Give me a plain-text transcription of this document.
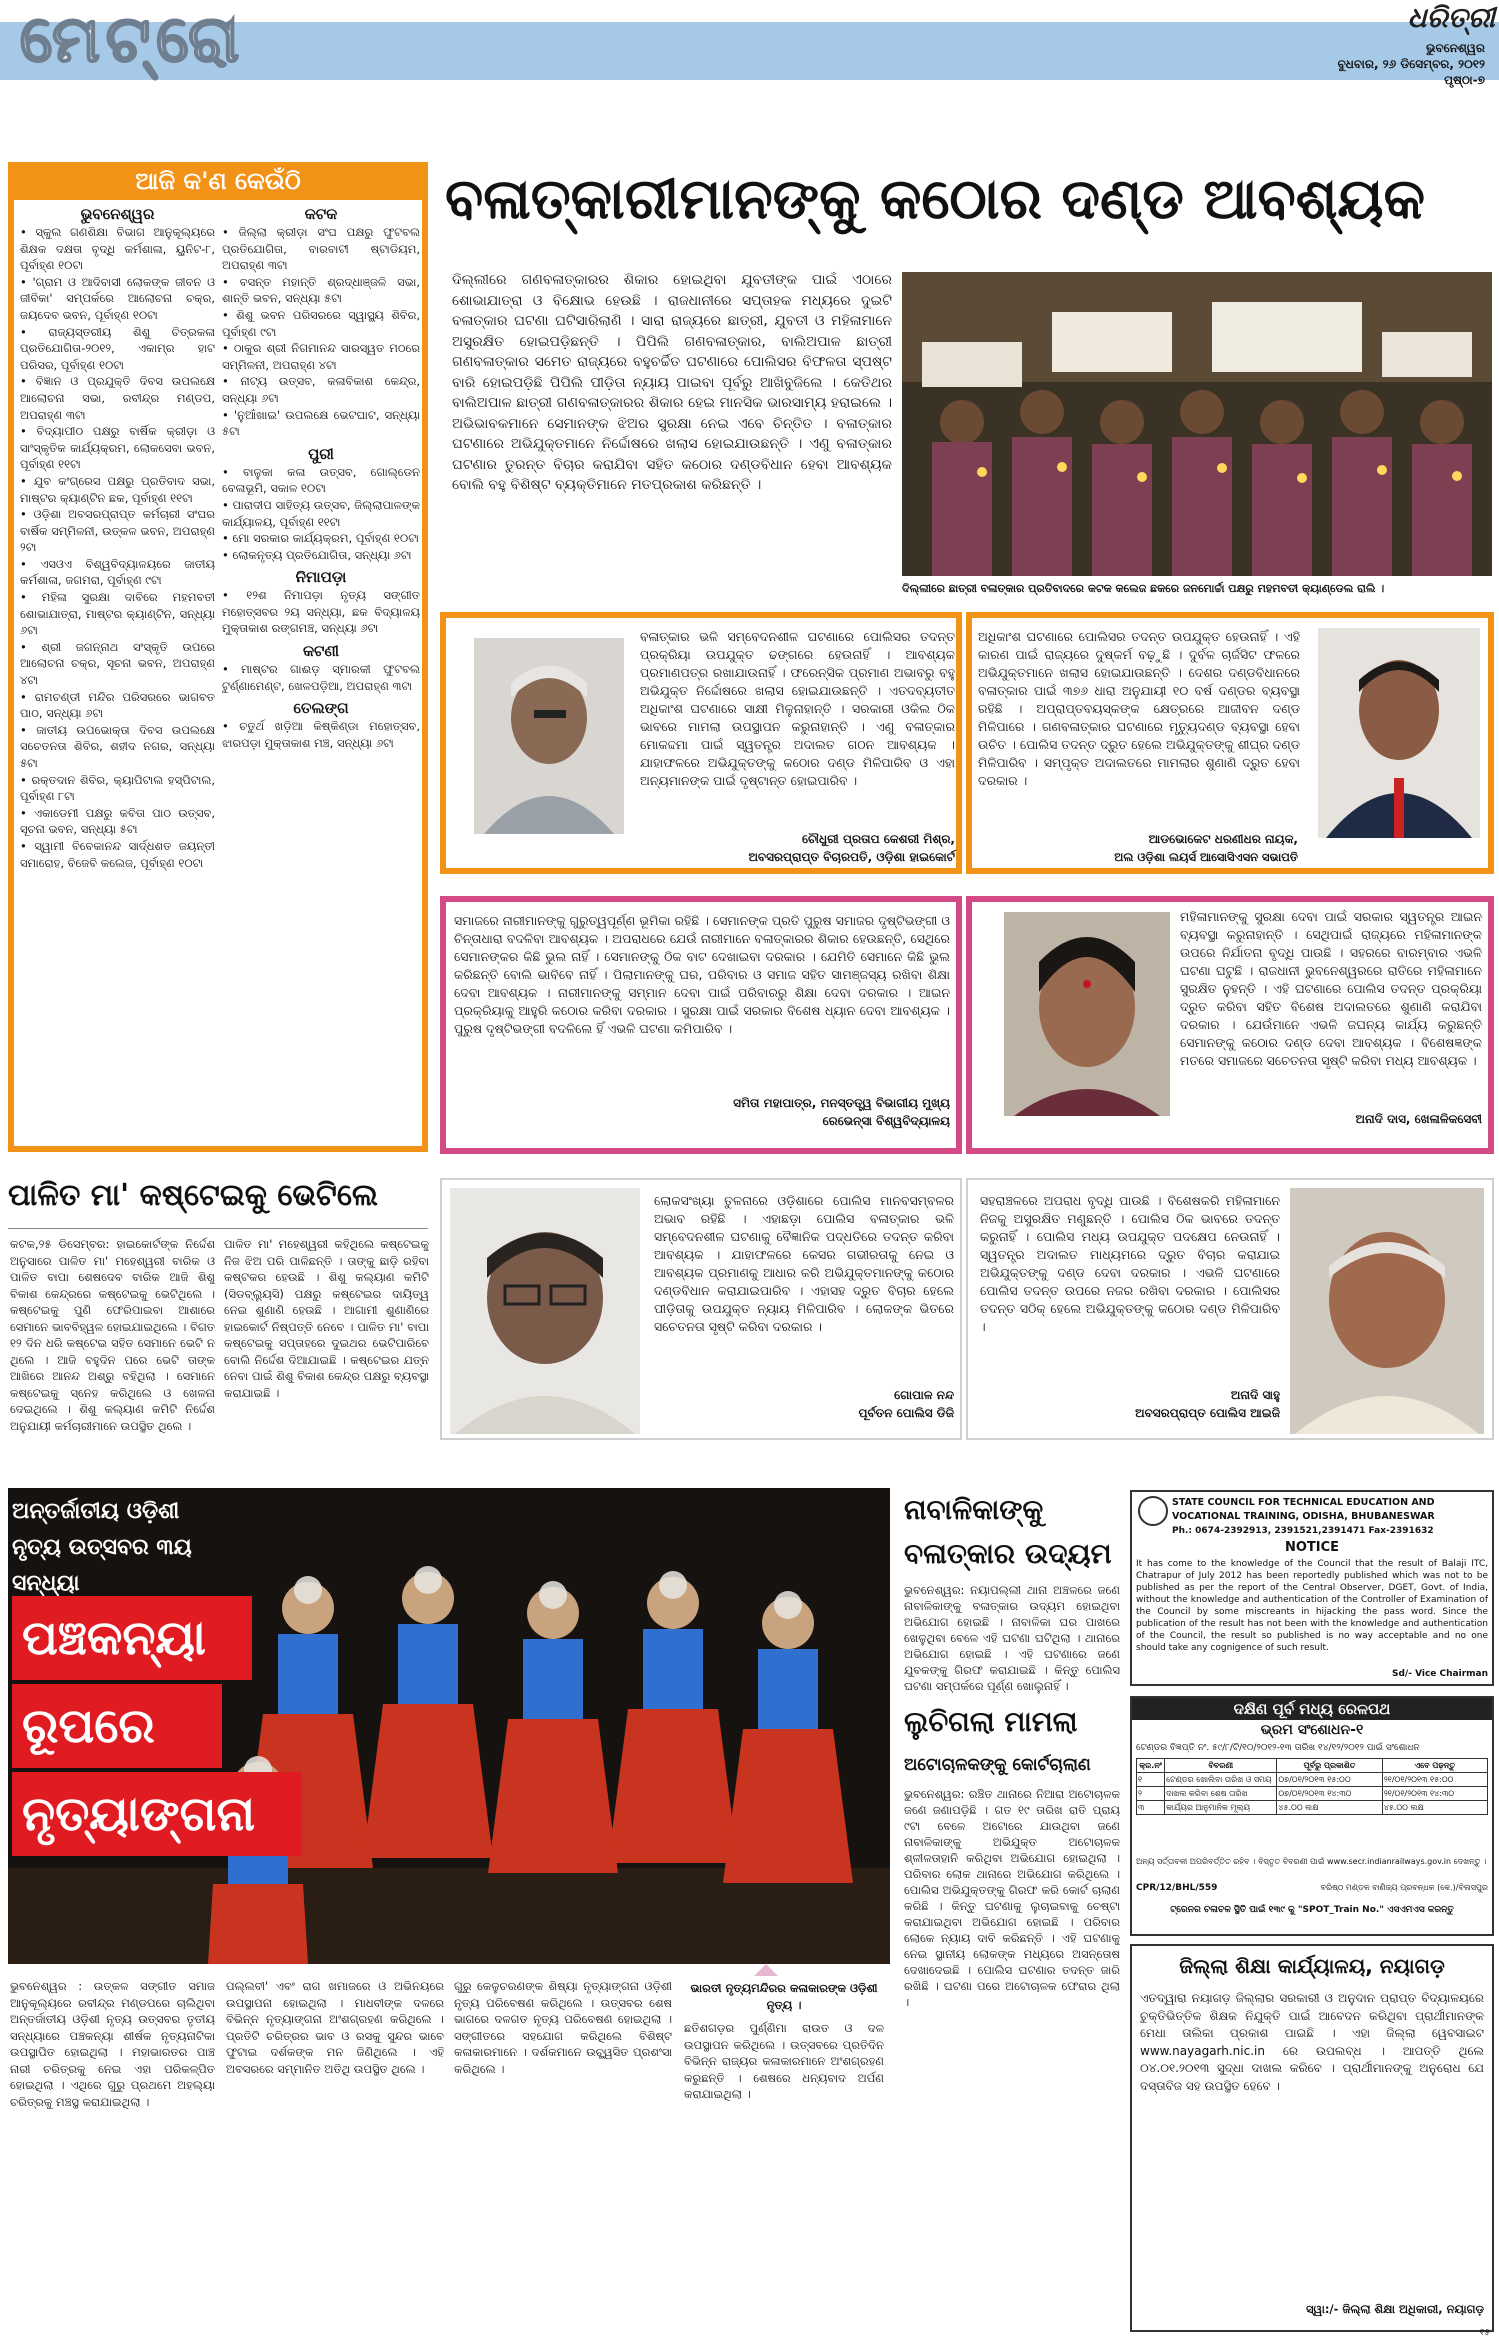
ମେଟ୍ରୋ	ଧରିତ୍ରୀ
ଭୁବନେଶ୍ୱର
ବୁଧବାର, ୨୬ ଡିସେମ୍ବର, ୨୦୧୨
ପୃଷ୍ଠା-୭
ଆଜି କ'ଣ କେଉଁଠି
ଭୁବନେଶ୍ୱର

• ସ୍କୁଲ ଗଣଶିକ୍ଷା ବିଭାଗ ଆନୁକୂଲ୍ୟରେ ଶିକ୍ଷକ ଦକ୍ଷତା ବୃଦ୍ଧି କର୍ମଶାଳା, ୟୁନିଟ-୮, ପୂର୍ବାହ୍ଣ ୧୦ଟା

• 'ଗ୍ରାମ ଓ ଆଦିବାସୀ ଲୋକଙ୍କ ଜୀବନ ଓ ଜୀବିକା' ସମ୍ପର୍କରେ ଆଲୋଚନା ଚକ୍ର, ଜୟଦେବ ଭବନ, ପୂର୍ବାହ୍ଣ ୧୦ଟା

• ରାଜ୍ୟସ୍ତରୀୟ ଶିଶୁ ଚିତ୍ରକଳା ପ୍ରତିଯୋଗିତା-୨୦୧୨, ଏକାମ୍ର ହାଟ ପରିସର, ପୂର୍ବାହ୍ଣ ୧୦ଟା

• ବିଜ୍ଞାନ ଓ ପ୍ରଯୁକ୍ତି ଦିବସ ଉପଲକ୍ଷେ ଆଲୋଚନା ସଭା, ରବୀନ୍ଦ୍ର ମଣ୍ଡପ, ଅପରାହ୍ଣ ୩ଟା

• ବିଦ୍ୟାପୀଠ ପକ୍ଷରୁ ବାର୍ଷିକ କ୍ରୀଡ଼ା ଓ ସାଂସ୍କୃତିକ କାର୍ଯ୍ୟକ୍ରମ, ଲୋକସେବା ଭବନ, ପୂର୍ବାହ୍ଣ ୧୧ଟା

• ଯୁବ କଂଗ୍ରେସ ପକ୍ଷରୁ ପ୍ରତିବାଦ ସଭା, ମାଷ୍ଟର କ୍ୟାଣ୍ଟିନ ଛକ, ପୂର୍ବାହ୍ଣ ୧୧ଟା

• ଓଡ଼ିଶା ଅବସରପ୍ରାପ୍ତ କର୍ମଚାରୀ ସଂଘର ବାର୍ଷିକ ସମ୍ମିଳନୀ, ଉତ୍କଳ ଭବନ, ଅପରାହ୍ଣ ୨ଟା

• ଏସଓଏ ବିଶ୍ୱବିଦ୍ୟାଳୟରେ ଜାତୀୟ କର୍ମଶାଳା, ଜଗମରା, ପୂର୍ବାହ୍ଣ ୯ଟା

• ମହିଳା ସୁରକ୍ଷା ଦାବିରେ ମହମବତୀ ଶୋଭାଯାତ୍ରା, ମାଷ୍ଟର କ୍ୟାଣ୍ଟିନ, ସନ୍ଧ୍ୟା ୬ଟା

• ଶ୍ରୀ ଜଗନ୍ନାଥ ସଂସ୍କୃତି ଉପରେ ଆଲୋଚନା ଚକ୍ର, ସୂଚନା ଭବନ, ଅପରାହ୍ଣ ୪ଟା

• ରାମଚଣ୍ଡୀ ମନ୍ଦିର ପରିସରରେ ଭାଗବତ ପାଠ, ସନ୍ଧ୍ୟା ୬ଟା

• ଜାତୀୟ ଉପଭୋକ୍ତା ଦିବସ ଉପଲକ୍ଷେ ସଚେତନତା ଶିବିର, ଶହୀଦ ନଗର, ସନ୍ଧ୍ୟା ୫ଟା

• ରକ୍ତଦାନ ଶିବିର, କ୍ୟାପିଟାଲ ହସ୍ପିଟାଲ, ପୂର୍ବାହ୍ଣ ୮ଟା

• ଏକାଡେମୀ ପକ୍ଷରୁ କବିତା ପାଠ ଉତ୍ସବ, ସୂଚନା ଭବନ, ସନ୍ଧ୍ୟା ୫ଟା

• ସ୍ୱାମୀ ବିବେକାନନ୍ଦ ସାର୍ଦ୍ଧଶତ ଜୟନ୍ତୀ ସମାରୋହ, ବିଜେବି କଲେଜ, ପୂର୍ବାହ୍ଣ ୧୦ଟା

କଟକ

• ଜିଲ୍ଲା କ୍ରୀଡ଼ା ସଂଘ ପକ୍ଷରୁ ଫୁଟବଲ ପ୍ରତିଯୋଗିତା, ବାରବାଟୀ ଷ୍ଟାଡିୟମ, ଅପରାହ୍ଣ ୩ଟା

• ବସନ୍ତ ମହାନ୍ତି ଶ୍ରଦ୍ଧାଞ୍ଜଳି ସଭା, ଶାନ୍ତି ଭବନ, ସନ୍ଧ୍ୟା ୫ଟା

• ଶିଶୁ ଭବନ ପରିସରରେ ସ୍ୱାସ୍ଥ୍ୟ ଶିବିର, ପୂର୍ବାହ୍ଣ ୯ଟା

• ଠାକୁର ଶ୍ରୀ ନିଗମାନନ୍ଦ ସାରସ୍ୱତ ମଠରେ ସମ୍ମିଳନୀ, ଅପରାହ୍ଣ ୪ଟା

• ନାଟ୍ୟ ଉତ୍ସବ, କଳାବିକାଶ କେନ୍ଦ୍ର, ସନ୍ଧ୍ୟା ୬ଟା

• 'ନୁଆଁଖାଇ' ଉପଲକ୍ଷେ ଭେଟଘାଟ, ସନ୍ଧ୍ୟା ୫ଟା

ପୁରୀ

• ବାଳୁକା କଳା ଉତ୍ସବ, ଗୋଲ୍ଡେନ ବେଳାଭୂମି, ସକାଳ ୧୦ଟା

• ପାରାଦୀପ ସାହିତ୍ୟ ଉତ୍ସବ, ଜିଲ୍ଲାପାଳଙ୍କ କାର୍ଯ୍ୟାଳୟ, ପୂର୍ବାହ୍ଣ ୧୧ଟା

• ମୋ ସରକାର କାର୍ଯ୍ୟକ୍ରମ, ପୂର୍ବାହ୍ଣ ୧୦ଟା

• ଲୋକନୃତ୍ୟ ପ୍ରତିଯୋଗିତା, ସନ୍ଧ୍ୟା ୬ଟା

ନିମାପଡ଼ା

• ୧୨ଶ ନିମାପଡ଼ା ନୃତ୍ୟ ସଙ୍ଗୀତ ମହୋତ୍ସବର ୨ୟ ସନ୍ଧ୍ୟା, ଛକ ବିଦ୍ୟାଳୟ ମୁକ୍ତାକାଶ ରଙ୍ଗମଞ୍ଚ, ସନ୍ଧ୍ୟା ୬ଟା

କଟଣୀ

• ମାଷ୍ଟର ଗାଈଡ଼ ସ୍ମାରକୀ ଫୁଟବଲ ଟୁର୍ଣ୍ଣାମେଣ୍ଟ, ଖେଳପଡ଼ିଆ, ଅପରାହ୍ଣ ୩ଟା

ତେଲଙ୍ଗ

• ଚତୁର୍ଥ ଖଡ଼ିଆ କିଷ୍କିଣ୍ଡା ମହୋତ୍ସବ, ଝାରପଡ଼ା ମୁକ୍ତାକାଶ ମଞ୍ଚ, ସନ୍ଧ୍ୟା ୬ଟା

ବଳାତ୍କାରୀମାନଙ୍କୁ କଠୋର ଦଣ୍ଡ ଆବଶ୍ୟକ
ଦିଲ୍ଲୀରେ ଗଣବଳାତ୍କାରର ଶିକାର ହୋଇଥିବା ଯୁବତୀଙ୍କ ପାଇଁ ଏଠାରେ ଶୋଭାଯାତ୍ରା ଓ ବିକ୍ଷୋଭ ହେଉଛି । ରାଜଧାନୀରେ ସପ୍ତାହକ ମଧ୍ୟରେ ଦୁଇଟି ବଳାତ୍କାର ଘଟଣା ଘଟିସାରିଲାଣି । ସାରା ରାଜ୍ୟରେ ଛାତ୍ରୀ, ଯୁବତୀ ଓ ମହିଳାମାନେ ଅସୁରକ୍ଷିତ ହୋଇପଡ଼ିଛନ୍ତି । ପିପିଲି ଗଣବଳାତ୍କାର, ବାଲିଅପାଳ ଛାତ୍ରୀ ଗଣବଳାତ୍କାର ସମେତ ରାଜ୍ୟରେ ବହୁଚର୍ଚ୍ଚିତ ଘଟଣାରେ ପୋଲିସର ବିଫଳତା ସ୍ପଷ୍ଟ ବାରି ହୋଇପଡ଼ିଛି ପିପିଲି ପୀଡ଼ିତା ନ୍ୟାୟ ପାଇବା ପୂର୍ବରୁ ଆଖିବୁଜିଲେ । କେତିଥର ବାଲିଅପାଳ ଛାତ୍ରୀ ଗଣବଳାତ୍କାରର ଶିକାର ହେଇ ମାନସିକ ଭାରସାମ୍ୟ ହରାଇଲେ । ଅଭିଭାବକମାନେ ସେମାନଙ୍କ ଝିଅର ସୁରକ୍ଷା ନେଇ ଏବେ ଚିନ୍ତିତ । ବଳାତ୍କାର ଘଟଣାରେ ଅଭିଯୁକ୍ତମାନେ ନିର୍ଦ୍ଦୋଷରେ ଖଲାସ ହୋଇଯାଉଛନ୍ତି । ଏଣୁ ବଳାତ୍କାର ଘଟଣାର ତୁରନ୍ତ ବିଚାର କରାଯିବା ସହିତ କଠୋର ଦଣ୍ଡବିଧାନ ହେବା ଆବଶ୍ୟକ ବୋଲି ବହୁ ବିଶିଷ୍ଟ ବ୍ୟକ୍ତିମାନେ ମତପ୍ରକାଶ କରିଛନ୍ତି ।
ଦିଲ୍ଲୀରେ ଛାତ୍ରୀ ବଳାତ୍କାର ପ୍ରତିବାଦରେ କଟକ କଲେଜ ଛକରେ ଜନମୋର୍ଚ୍ଚା ପକ୍ଷରୁ ମହମବତୀ କ୍ୟାଣ୍ଡେଲ ରାଲି ।
ବଳାତ୍କାର ଭଳି ସମ୍ବେଦନଶୀଳ ଘଟଣାରେ ପୋଲିସର ତଦନ୍ତ ପ୍ରକ୍ରିୟା ଉପଯୁକ୍ତ ଢଙ୍ଗରେ ହେଉନାହିଁ । ଆବଶ୍ୟକ ପ୍ରମାଣପତ୍ର ରଖାଯାଉନାହିଁ । ଫରେନ୍ସିକ ପ୍ରମାଣ ଅଭାବରୁ ବହୁ ଅଭିଯୁକ୍ତ ନିର୍ଦ୍ଦୋଷରେ ଖଲାସ ହୋଇଯାଉଛନ୍ତି । ଏତଦବ୍ୟତୀତ ଅଧିକାଂଶ ଘଟଣାରେ ସାକ୍ଷୀ ମିଳୁନାହାନ୍ତି । ସରକାରୀ ଓକିଲ ଠିକ ଭାବରେ ମାମଲା ଉପସ୍ଥାପନ କରୁନାହାନ୍ତି । ଏଣୁ ବଳାତ୍କାର ମୋକଦ୍ଦମା ପାଇଁ ସ୍ୱତନ୍ତ୍ର ଅଦାଲତ ଗଠନ ଆବଶ୍ୟକ । ଯାହାଫଳରେ ଅଭିଯୁକ୍ତଙ୍କୁ କଠୋର ଦଣ୍ଡ ମିଳିପାରିବ ଓ ଏହା ଅନ୍ୟମାନଙ୍କ ପାଇଁ ଦୃଷ୍ଟାନ୍ତ ହୋଇପାରିବ ।
ଚୌଧୁରୀ ପ୍ରତାପ କେଶରୀ ମିଶ୍ର,
ଅବସରପ୍ରାପ୍ତ ବିଚାରପତି, ଓଡ଼ିଶା ହାଇକୋର୍ଟ
ଅଧିକାଂଶ ଘଟଣାରେ ପୋଲିସର ତଦନ୍ତ ଉପଯୁକ୍ତ ହେଉନାହିଁ । ଏହି କାରଣ ପାଇଁ ରାଜ୍ୟରେ ଦୁଷ୍କର୍ମ ବଢ଼ୁଛି । ଦୁର୍ବଳ ଚାର୍ଜସିଟ ଫଳରେ ଅଭିଯୁକ୍ତମାନେ ଖଲାସ ହୋଇଯାଉଛନ୍ତି । ଦେଶର ଦଣ୍ଡବିଧାନରେ ବଳାତ୍କାର ପାଇଁ ୩୭୬ ଧାରା ଅନୁଯାୟୀ ୧୦ ବର୍ଷ ଦଣ୍ଡର ବ୍ୟବସ୍ଥା ରହିଛି । ଅପ୍ରାପ୍ତବୟସ୍କଙ୍କ କ୍ଷେତ୍ରରେ ଆଜୀବନ ଦଣ୍ଡ ମିଳିପାରେ । ଗଣବଳାତ୍କାର ଘଟଣାରେ ମୃତ୍ୟୁଦଣ୍ଡ ବ୍ୟବସ୍ଥା ହେବା ଉଚିତ । ପୋଲିସ ତଦନ୍ତ ଦ୍ରୁତ ହେଲେ ଅଭିଯୁକ୍ତଙ୍କୁ ଶୀଘ୍ର ଦଣ୍ଡ ମିଳିପାରିବ । ସମ୍ପୃକ୍ତ ଅଦାଲତରେ ମାମଲାର ଶୁଣାଣି ଦ୍ରୁତ ହେବା ଦରକାର ।
ଆଡଭୋକେଟ ଧରଣୀଧର ନାୟକ,
ଅଲ ଓଡ଼ିଶା ଲୟର୍ସ ଆସୋସିଏସନ ସଭାପତି
ସମାଜରେ ନାରୀମାନଙ୍କୁ ଗୁରୁତ୍ୱପୂର୍ଣ୍ଣ ଭୂମିକା ରହିଛି । ସେମାନଙ୍କ ପ୍ରତି ପୁରୁଷ ସମାଜର ଦୃଷ୍ଟିଭଙ୍ଗୀ ଓ ଚିନ୍ତାଧାରା ବଦଳିବା ଆବଶ୍ୟକ । ଅପରାଧରେ ଯେଉଁ ନାରୀମାନେ ବଳାତ୍କାରର ଶିକାର ହେଉଛନ୍ତି, ସେଥିରେ ସେମାନଙ୍କର କିଛି ଭୁଲ ନାହିଁ । ସେମାନଙ୍କୁ ଠିକ ବାଟ ଦେଖାଇବା ଦରକାର । ଯେମିତି ସେମାନେ କିଛି ଭୁଲ କରିଛନ୍ତି ବୋଲି ଭାବିବେ ନାହିଁ । ପିଲାମାନଙ୍କୁ ଘର, ପରିବାର ଓ ସମାଜ ସହିତ ସାମଞ୍ଜସ୍ୟ ରଖିବା ଶିକ୍ଷା ଦେବା ଆବଶ୍ୟକ । ନାରୀମାନଙ୍କୁ ସମ୍ମାନ ଦେବା ପାଇଁ ପରିବାରରୁ ଶିକ୍ଷା ଦେବା ଦରକାର । ଆଇନ ପ୍ରକ୍ରିୟାକୁ ଆହୁରି କଠୋର କରିବା ଦରକାର । ସୁରକ୍ଷା ପାଇଁ ସରକାର ବିଶେଷ ଧ୍ୟାନ ଦେବା ଆବଶ୍ୟକ । ପୁରୁଷ ଦୃଷ୍ଟିଭଙ୍ଗୀ ବଦଳିଲେ ହିଁ ଏଭଳି ଘଟଣା କମିପାରିବ ।
ସମିତା ମହାପାତ୍ର, ମନସ୍ତତ୍ତ୍ୱ ବିଭାଗୀୟ ମୁଖ୍ୟ
ରେଭେନ୍ସା ବିଶ୍ୱବିଦ୍ୟାଳୟ
ମହିଳାମାନଙ୍କୁ ସୁରକ୍ଷା ଦେବା ପାଇଁ ସରକାର ସ୍ୱତନ୍ତ୍ର ଆଇନ ବ୍ୟବସ୍ଥା କରୁନାହାନ୍ତି । ସେଥିପାଇଁ ରାଜ୍ୟରେ ମହିଳାମାନଙ୍କ ଉପରେ ନିର୍ଯାତନା ବୃଦ୍ଧି ପାଉଛି । ସହରରେ ବାରମ୍ବାର ଏଭଳି ଘଟଣା ଘଟୁଛି । ରାଜଧାନୀ ଭୁବନେଶ୍ୱରରେ ରାତିରେ ମହିଳାମାନେ ସୁରକ୍ଷିତ ନୁହନ୍ତି । ଏହି ଘଟଣାରେ ପୋଲିସ ତଦନ୍ତ ପ୍ରକ୍ରିୟା ଦ୍ରୁତ କରିବା ସହିତ ବିଶେଷ ଅଦାଲତରେ ଶୁଣାଣି କରାଯିବା ଦରକାର । ଯେଉଁମାନେ ଏଭଳି ଜଘନ୍ୟ କାର୍ଯ୍ୟ କରୁଛନ୍ତି ସେମାନଙ୍କୁ କଠୋର ଦଣ୍ଡ ଦେବା ଆବଶ୍ୟକ । ବିଶେଷଜ୍ଞଙ୍କ ମତରେ ସମାଜରେ ସଚେତନତା ସୃଷ୍ଟି କରିବା ମଧ୍ୟ ଆବଶ୍ୟକ ।
ଅନାଦି ଦାସ, ଖେଳାଳିକସେବୀ
ପାଳିତ ମା' କଷ୍ଟେଇକୁ ଭେଟିଲେ
କଟକ,୨୫ ଡିସେମ୍ବର: ହାଇକୋର୍ଟଙ୍କ ନିର୍ଦ୍ଦେଶ ଅନୁସାରେ ପାଳିତ ମା' ମହେଶ୍ୱରୀ ବାରିକ ଓ ପାଳିତ ବାପା ଶେଷଦେବ ବାରିକ ଆଜି ଶିଶୁ ବିକାଶ କେନ୍ଦ୍ରରେ କଷ୍ଟେଇକୁ ଭେଟିଥିଲେ । କଷ୍ଟେଇକୁ ପୁଣି ଫେରିପାଇବା ଆଶାରେ ସେମାନେ ଭାବବିହ୍ୱଳ ହୋଇଯାଇଥିଲେ । ବିଗତ ୧୨ ଦିନ ଧରି କଷ୍ଟେଇ ସହିତ ସେମାନେ ଭେଟି ନ ଥିଲେ । ଆଜି ବହୁଦିନ ପରେ ଭେଟି ତାଙ୍କ ଆଖିରେ ଆନନ୍ଦ ଅଶ୍ରୁ ବହିଥିଲା । ସେମାନେ କଷ୍ଟେଇକୁ ସ୍ନେହ କରିଥିଲେ ଓ ଖେଳନା ଦେଇଥିଲେ । ଶିଶୁ କଲ୍ୟାଣ କମିଟି ନିର୍ଦ୍ଦେଶ ଅନୁଯାୟୀ କର୍ମଚାରୀମାନେ ଉପସ୍ଥିତ ଥିଲେ ।
ପାଳିତ ମା' ମହେଶ୍ୱରୀ କହିଥିଲେ କଷ୍ଟେଇକୁ ନିଜ ଝିଅ ପରି ପାଳିଛନ୍ତି । ତାଙ୍କୁ ଛାଡ଼ି ରହିବା କଷ୍ଟକର ହେଉଛି । ଶିଶୁ କଲ୍ୟାଣ କମିଟି (ସିଡବ୍ଲ୍ୟୁସି) ପକ୍ଷରୁ କଷ୍ଟେଇର ଦାୟିତ୍ୱ ନେଇ ଶୁଣାଣି ହେଉଛି । ଆଗାମୀ ଶୁଣାଣିରେ ହାଇକୋର୍ଟ ନିଷ୍ପତ୍ତି ନେବେ । ପାଳିତ ମା' ବାପା କଷ୍ଟେଇକୁ ସପ୍ତାହରେ ଦୁଇଥର ଭେଟିପାରିବେ ବୋଲି ନିର୍ଦ୍ଦେଶ ଦିଆଯାଇଛି । କଷ୍ଟେଇର ଯତ୍ନ ନେବା ପାଇଁ ଶିଶୁ ବିକାଶ କେନ୍ଦ୍ର ପକ୍ଷରୁ ବ୍ୟବସ୍ଥା କରାଯାଇଛି ।
ଲୋକସଂଖ୍ୟା ତୁଳନାରେ ଓଡ଼ିଶାରେ ପୋଲିସ ମାନବସମ୍ବଳର ଅଭାବ ରହିଛି । ଏହାଛଡ଼ା ପୋଲିସ ବଳାତ୍କାର ଭଳି ସମ୍ବେଦନଶୀଳ ଘଟଣାକୁ ବୈଜ୍ଞାନିକ ପଦ୍ଧତିରେ ତଦନ୍ତ କରିବା ଆବଶ୍ୟକ । ଯାହାଫଳରେ କେସର ଗଭୀରତାକୁ ନେଇ ଓ ଆବଶ୍ୟକ ପ୍ରମାଣକୁ ଆଧାର କରି ଅଭିଯୁକ୍ତମାନଙ୍କୁ କଠୋର ଦଣ୍ଡବିଧାନ କରାଯାଇପାରିବ । ଏହାସହ ଦ୍ରୁତ ବିଚାର ହେଲେ ପୀଡ଼ିତାକୁ ଉପଯୁକ୍ତ ନ୍ୟାୟ ମିଳିପାରିବ । ଲୋକଙ୍କ ଭିତରେ ସଚେତନତା ସୃଷ୍ଟି କରିବା ଦରକାର ।
ଗୋପାଳ ନନ୍ଦ
ପୂର୍ବତନ ପୋଲିସ ଡିଜି
ସହରାଞ୍ଚଳରେ ଅପରାଧ ବୃଦ୍ଧି ପାଉଛି । ବିଶେଷକରି ମହିଳାମାନେ ନିଜକୁ ଅସୁରକ୍ଷିତ ମଣୁଛନ୍ତି । ପୋଲିସ ଠିକ ଭାବରେ ତଦନ୍ତ କରୁନାହିଁ । ପୋଲିସ ମଧ୍ୟ ଉପଯୁକ୍ତ ପଦକ୍ଷେପ ନେଉନାହିଁ । ସ୍ୱତନ୍ତ୍ର ଅଦାଲତ ମାଧ୍ୟମରେ ଦ୍ରୁତ ବିଚାର କରାଯାଇ ଅଭିଯୁକ୍ତଙ୍କୁ ଦଣ୍ଡ ଦେବା ଦରକାର । ଏଭଳି ଘଟଣାରେ ପୋଲିସ ତଦନ୍ତ ଉପରେ ନଜର ରଖିବା ଦରକାର । ପୋଲିସର ତଦନ୍ତ ସଠିକ୍ ହେଲେ ଅଭିଯୁକ୍ତଙ୍କୁ କଠୋର ଦଣ୍ଡ ମିଳିପାରିବ ।
ଅନାଦି ସାହୁ
ଅବସରପ୍ରାପ୍ତ ପୋଲିସ ଆଇଜି
ଅନ୍ତର୍ଜାତୀୟ ଓଡ଼ିଶୀ ନୃତ୍ୟ ଉତ୍ସବର ୩ୟ ସନ୍ଧ୍ୟା
ପଞ୍ଚକନ୍ୟା
ରୂପରେ
ନୃତ୍ୟାଙ୍ଗନା
ଭାରତୀ ନୃତ୍ୟମନ୍ଦିରର କଳାକାରଙ୍କ ଓଡ଼ିଶୀ ନୃତ୍ୟ ।
ଭୁବନେଶ୍ୱର : ଉତ୍କଳ ସଙ୍ଗୀତ ସମାଜ ଆନୁକୂଲ୍ୟରେ ରବୀନ୍ଦ୍ର ମଣ୍ଡପରେ ଚାଲିଥିବା ଅନ୍ତର୍ଜାତୀୟ ଓଡ଼ିଶୀ ନୃତ୍ୟ ଉତ୍ସବର ତୃତୀୟ ସନ୍ଧ୍ୟାରେ ପଞ୍ଚକନ୍ୟା ଶୀର୍ଷକ ନୃତ୍ୟନାଟିକା ଉପସ୍ଥାପିତ ହୋଇଥିଲା । ମହାଭାରତର ପାଞ୍ଚ ନାରୀ ଚରିତ୍ରକୁ ନେଇ ଏହା ପରିକଳ୍ପିତ ହୋଇଥିଲା । ଏଥିରେ ଗୁରୁ ପ୍ରଥମେ ଅହଲ୍ୟା ଚରିତ୍ରକୁ ମଞ୍ଚସ୍ଥ କରାଯାଇଥିଲା ।
ପଲ୍ଲବୀ' ଏବଂ ରାଗ ଖମାଜରେ ଓ ଅଭିନୟରେ ଉପସ୍ଥାପନା ହୋଇଥିଲା । ମାଧବୀଙ୍କ ଦଳରେ ବିଭିନ୍ନ ନୃତ୍ୟାଙ୍ଗନା ଅଂଶଗ୍ରହଣ କରିଥିଲେ । ପ୍ରତିଟି ଚରିତ୍ରର ଭାବ ଓ ରସକୁ ସୁନ୍ଦର ଭାବେ ଫୁଟାଇ ଦର୍ଶକଙ୍କ ମନ ଜିଣିଥିଲେ । ଏହି ଅବସରରେ ସମ୍ମାନିତ ଅତିଥି ଉପସ୍ଥିତ ଥିଲେ ।
ଗୁରୁ କେଳୁଚରଣଙ୍କ ଶିଷ୍ୟା ନୃତ୍ୟାଙ୍ଗନା ଓଡ଼ିଶୀ ନୃତ୍ୟ ପରିବେଷଣ କରିଥିଲେ । ଉତ୍ସବର ଶେଷ ଭାଗରେ ଦଳଗତ ନୃତ୍ୟ ପରିବେଷଣ ହୋଇଥିଲା । ସଙ୍ଗୀତରେ ସହଯୋଗ କରିଥିଲେ ବିଶିଷ୍ଟ କଳାକାରମାନେ । ଦର୍ଶକମାନେ ଉଚ୍ଛ୍ୱସିତ ପ୍ରଶଂସା କରିଥିଲେ ।
ଛତିଶଗଡ଼ର ପୁର୍ଣ୍ଣିମା ରାଉତ ଓ ଦଳ ଉପସ୍ଥାପନ କରିଥିଲେ । ଉତ୍ସବରେ ପ୍ରତିଦିନ ବିଭିନ୍ନ ରାଜ୍ୟର କଳାକାରମାନେ ଅଂଶଗ୍ରହଣ କରୁଛନ୍ତି । ଶେଷରେ ଧନ୍ୟବାଦ ଅର୍ପଣ କରାଯାଇଥିଲା ।
ନାବାଳିକାଙ୍କୁ
ବଳାତ୍କାର ଉଦ୍ୟମ
ଭୁବନେଶ୍ୱର: ନୟାପଲ୍ଲୀ ଥାନା ଅଞ୍ଚଳରେ ଜଣେ ନାବାଳିକାଙ୍କୁ ବଳାତ୍କାର ଉଦ୍ୟମ ହୋଇଥିବା ଅଭିଯୋଗ ହୋଇଛି । ନାବାଳିକା ଘର ପାଖରେ ଖେଳୁଥିବା ବେଳେ ଏହି ଘଟଣା ଘଟିଥିଲା । ଥାନାରେ ଅଭିଯୋଗ ହୋଇଛି । ଏହି ଘଟଣାରେ ଜଣେ ଯୁବକଙ୍କୁ ଗିରଫ କରାଯାଇଛି । କିନ୍ତୁ ପୋଲିସ ଘଟଣା ସମ୍ପର୍କରେ ପୂର୍ଣ୍ଣ ଖୋଲୁନାହିଁ ।
ଲୁଚିଗଲା ମାମଲା
ଅଟୋଚାଳକଙ୍କୁ କୋର୍ଟଚାଲାଣ
ଭୁବନେଶ୍ୱର: ରଞ୍ଚିତ ଥାନାରେ ନିଆରା ଅଟୋଚାଳକ ଜଣେ ଜଣାପଡ଼ିଛି । ଗତ ୧୯ ତାରିଖ ରାତି ପ୍ରାୟ ୯ଟା ବେଳେ ଅଟୋରେ ଯାଉଥିବା ଜଣେ ନାବାଳିକାଙ୍କୁ ଅଭିଯୁକ୍ତ ଅଟୋଚାଳକ ଶ୍ଳୀଳତାହାନି କରିଥିବା ଅଭିଯୋଗ ହୋଇଥିଲା । ପରିବାର ଲୋକ ଥାନାରେ ଅଭିଯୋଗ କରିଥିଲେ । ପୋଲିସ ଅଭିଯୁକ୍ତଙ୍କୁ ଗିରଫ କରି କୋର୍ଟ ଚାଲାଣ କରିଛି । କିନ୍ତୁ ଘଟଣାକୁ ଲୁଚାଇବାକୁ ଚେଷ୍ଟା କରାଯାଇଥିବା ଅଭିଯୋଗ ହୋଇଛି । ପରିବାର ଲୋକେ ନ୍ୟାୟ ଦାବି କରିଛନ୍ତି । ଏହି ଘଟଣାକୁ ନେଇ ସ୍ଥାନୀୟ ଲୋକଙ୍କ ମଧ୍ୟରେ ଅସନ୍ତୋଷ ଦେଖାଦେଇଛି । ପୋଲିସ ଘଟଣାର ତଦନ୍ତ ଜାରି ରଖିଛି । ଘଟଣା ପରେ ଅଟୋଚାଳକ ଫେରାର ଥିଲା ।
STATE COUNCIL FOR TECHNICAL EDUCATION AND
VOCATIONAL TRAINING, ODISHA, BHUBANESWAR
Ph.: 0674-2392913, 2391521,2391471 Fax-2391632
NOTICE
It has come to the knowledge of the Council that the result of Balaji ITC, Chatrapur of July 2012 has been reportedly published which was not to be published as per the report of the Central Observer, DGET, Govt. of India, without the knowledge and authentication of the Controller of Examination of the Council by some miscreants in hijacking the pass word. Since the publication of the result has not been with the knowledge and authentication of the Council, the result so published is no way acceptable and no one should take any cognigence of such result.
Sd/- Vice Chairman
ଦକ୍ଷିଣ ପୂର୍ବ ମଧ୍ୟ ରେଳପଥ
ଭ୍ରମ ସଂଶୋଧନ-୧
ଟେଣ୍ଡର ବିଜ୍ଞପ୍ତି ନଂ. ୫୯/୮/ଟି/୧୦/୨୦୧୨-୧୩ ତାରିଖ ୧୪/୧୨/୨୦୧୨ ପାଇଁ ସଂଶୋଧନ
କ୍ର.ନଂ	ବିବରଣୀ	ପୂର୍ବରୁ ପ୍ରକାଶିତ	ଏବେ ପଢ଼ନ୍ତୁ
୧	ଟେଣ୍ଡର ଖୋଲିବା ତାରିଖ ଓ ସମୟ	୦୭/୦୧/୨୦୧୩ ୧୫:୦୦	୨୧/୦୧/୨୦୧୩ ୧୫:୦୦
୨	ଦାଖଲ କରିବା ଶେଷ ତାରିଖ	୦୭/୦୧/୨୦୧୩ ୧୪:୩୦	୨୧/୦୧/୨୦୧୩ ୧୪:୩୦
୩	କାର୍ଯ୍ୟର ଆନୁମାନିକ ମୂଲ୍ୟ	୪୫.୦୦ ଲକ୍ଷ	୪୫.୦୦ ଲକ୍ଷ
ଅନ୍ୟ ସର୍ତ୍ତାବଳୀ ଅପରିବର୍ତ୍ତିତ ରହିବ । ବିସ୍ତୃତ ବିବରଣୀ ପାଇଁ www.secr.indianrailways.gov.in ଦେଖନ୍ତୁ ।
CPR/12/BHL/559	ବରିଷ୍ଠ ମଣ୍ଡଳ ବାଣିଜ୍ୟ ପ୍ରବନ୍ଧକ (କେ.)/ବିଳାସପୁର
ଟ୍ରେନର ଚଳାଚଳ ସ୍ଥିତି ପାଇଁ ୧୩୯ କୁ "SPOT_Train No." ଏସଏମଏସ କରନ୍ତୁ
ଜିଲ୍ଲା ଶିକ୍ଷା କାର୍ଯ୍ୟାଳୟ, ନୟାଗଡ଼
ଏତଦ୍ୱାରା ନୟାଗଡ଼ ଜିଲ୍ଲାର ସରକାରୀ ଓ ଅନୁଦାନ ପ୍ରାପ୍ତ ବିଦ୍ୟାଳୟରେ ଚୁକ୍ତିଭିତ୍ତିକ ଶିକ୍ଷକ ନିଯୁକ୍ତି ପାଇଁ ଆବେଦନ କରିଥିବା ପ୍ରାର୍ଥୀମାନଙ୍କ ମେଧା ତାଲିକା ପ୍ରକାଶ ପାଇଛି । ଏହା ଜିଲ୍ଲା ୱେବସାଇଟ www.nayagarh.nic.in ରେ ଉପଲବ୍ଧ । ଆପତ୍ତି ଥିଲେ ୦୪.୦୧.୨୦୧୩ ସୁଦ୍ଧା ଦାଖଲ କରିବେ । ପ୍ରାର୍ଥୀମାନଙ୍କୁ ଅନୁରୋଧ ଯେ ଦସ୍ତାବିଜ ସହ ଉପସ୍ଥିତ ହେବେ ।
ସ୍ୱା:/- ଜିଲ୍ଲା ଶିକ୍ଷା ଅଧିକାରୀ, ନୟାଗଡ଼
୧୫
